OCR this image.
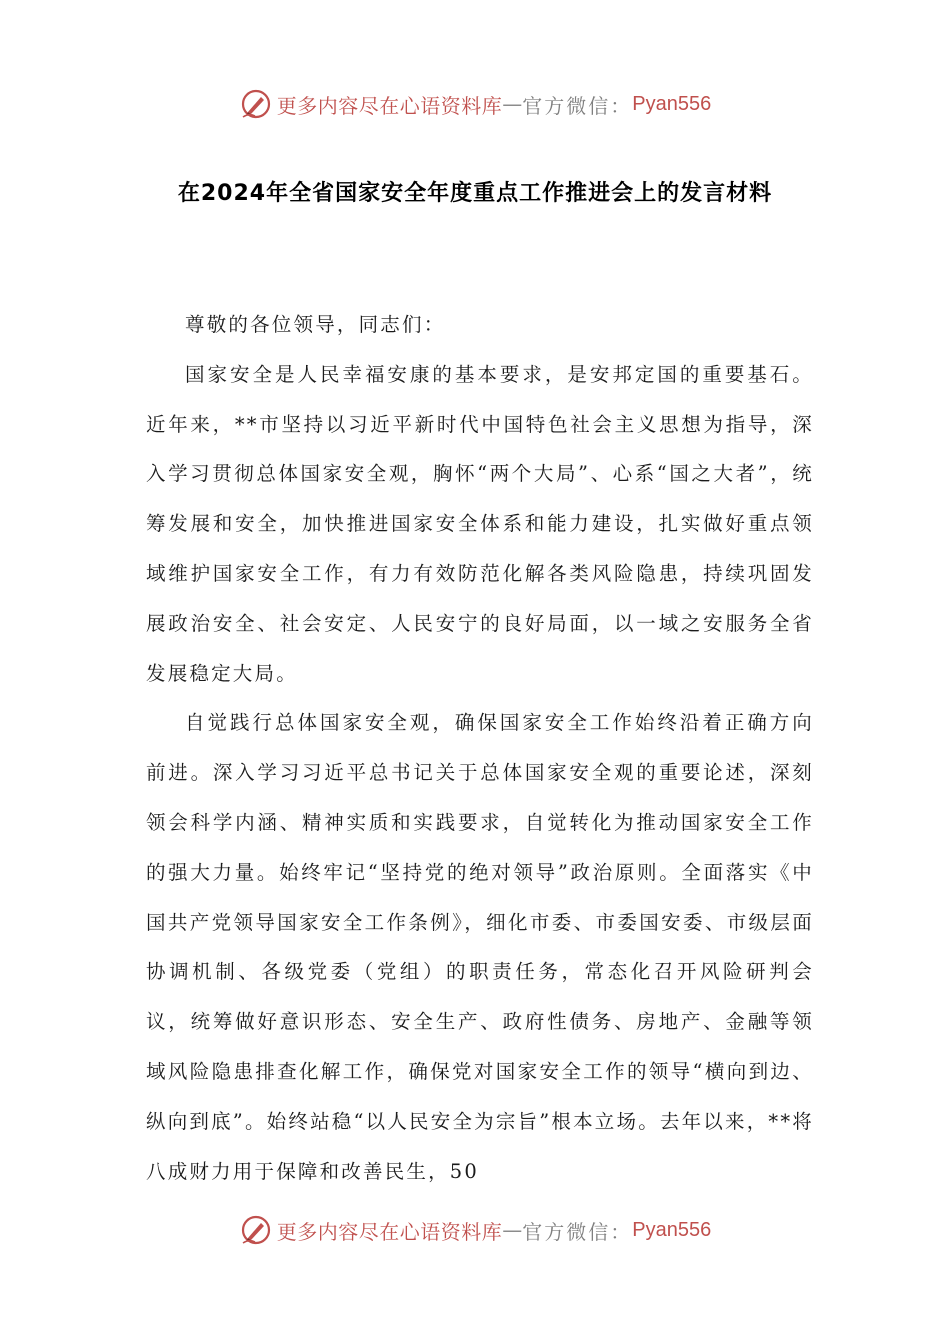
更多内容尽在心语资料库 — 官方微信： Pyan556
在2024年全省国家安全年度重点工作推进会上的发言材料

尊敬的各位领导，同志们：

国家安全是人民幸福安康的基本要求，是安邦定国的重要基石。近年来，**市坚持以习近平新时代中国特色社会主义思想为指导，深入学习贯彻总体国家安全观，胸怀“两个大局”、心系“国之大者”，统筹发展和安全，加快推进国家安全体系和能力建设，扎实做好重点领域维护国家安全工作，有力有效防范化解各类风险隐患，持续巩固发展政治安全、社会安定、人民安宁的良好局面，以一域之安服务全省发展稳定大局。

自觉践行总体国家安全观，确保国家安全工作始终沿着正确方向前进。深入学习习近平总书记关于总体国家安全观的重要论述，深刻领会科学内涵、精神实质和实践要求，自觉转化为推动国家安全工作的强大力量。始终牢记“坚持党的绝对领导”政治原则。全面落实《中国共产党领导国家安全工作条例》，细化市委、市委国安委、市级层面协调机制、各级党委（党组）的职责任务，常态化召开风险研判会议，统筹做好意识形态、安全生产、政府性债务、房地产、金融等领域风险隐患排查化解工作，确保党对国家安全工作的领导“横向到边、纵向到底”。始终站稳“以人民安全为宗旨”根本立场。去年以来，**将八成财力用于保障和改善民生，50

更多内容尽在心语资料库 — 官方微信： Pyan556
